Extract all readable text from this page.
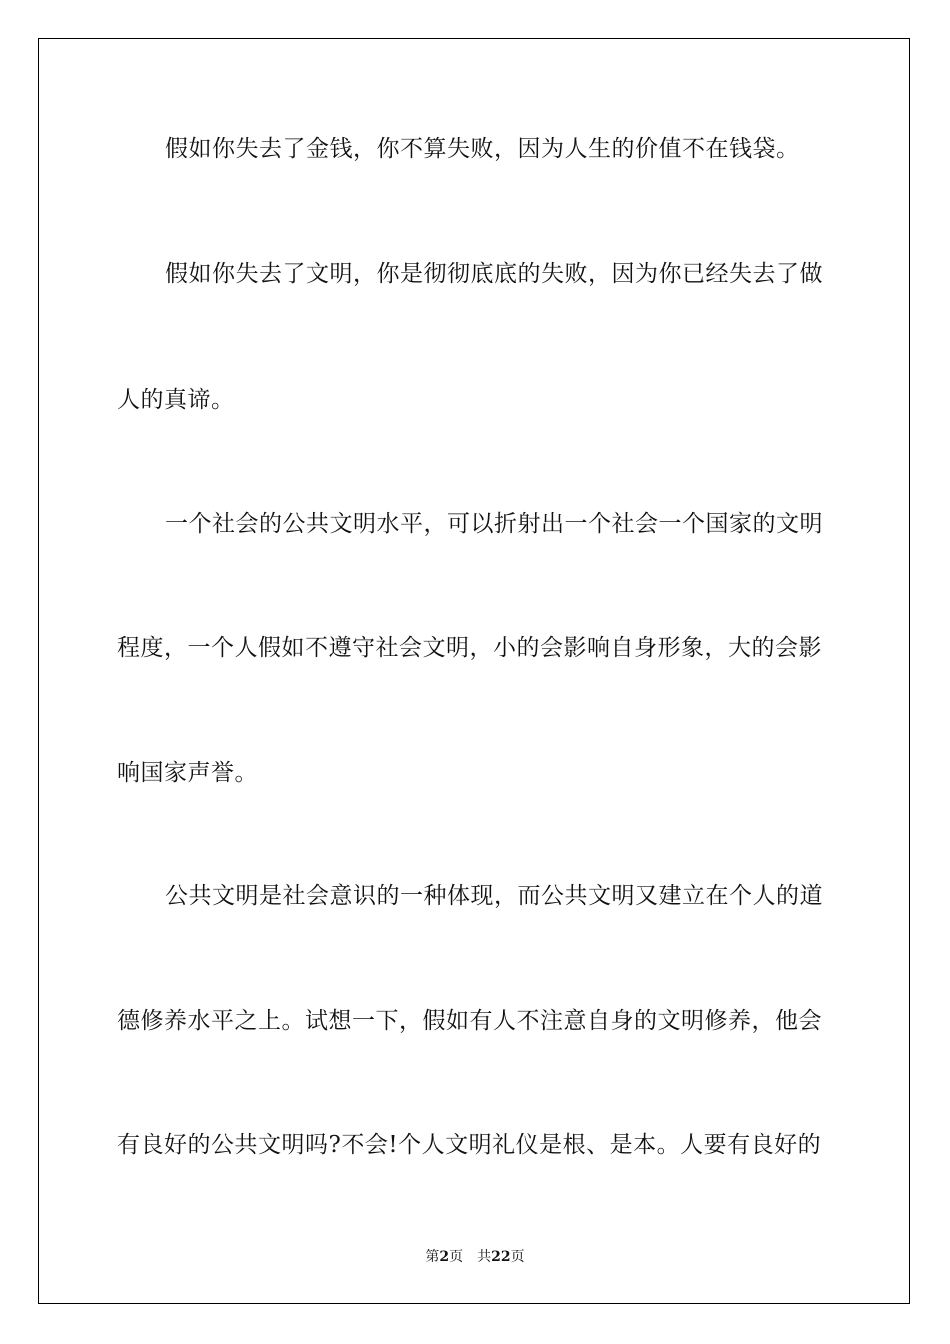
假如你失去了金钱，你不算失败，因为人生的价值不在钱袋。
假如你失去了文明，你是彻彻底底的失败，因为你已经失去了做
人的真谛。
一个社会的公共文明水平，可以折射出一个社会一个国家的文明
程度，一个人假如不遵守社会文明，小的会影响自身形象，大的会影
响国家声誉。
公共文明是社会意识的一种体现，而公共文明又建立在个人的道
德修养水平之上。试想一下，假如有人不注意自身的文明修养，他会
有良好的公共文明吗?不会!个人文明礼仪是根、是本。人要有良好的
第2页 共22页
